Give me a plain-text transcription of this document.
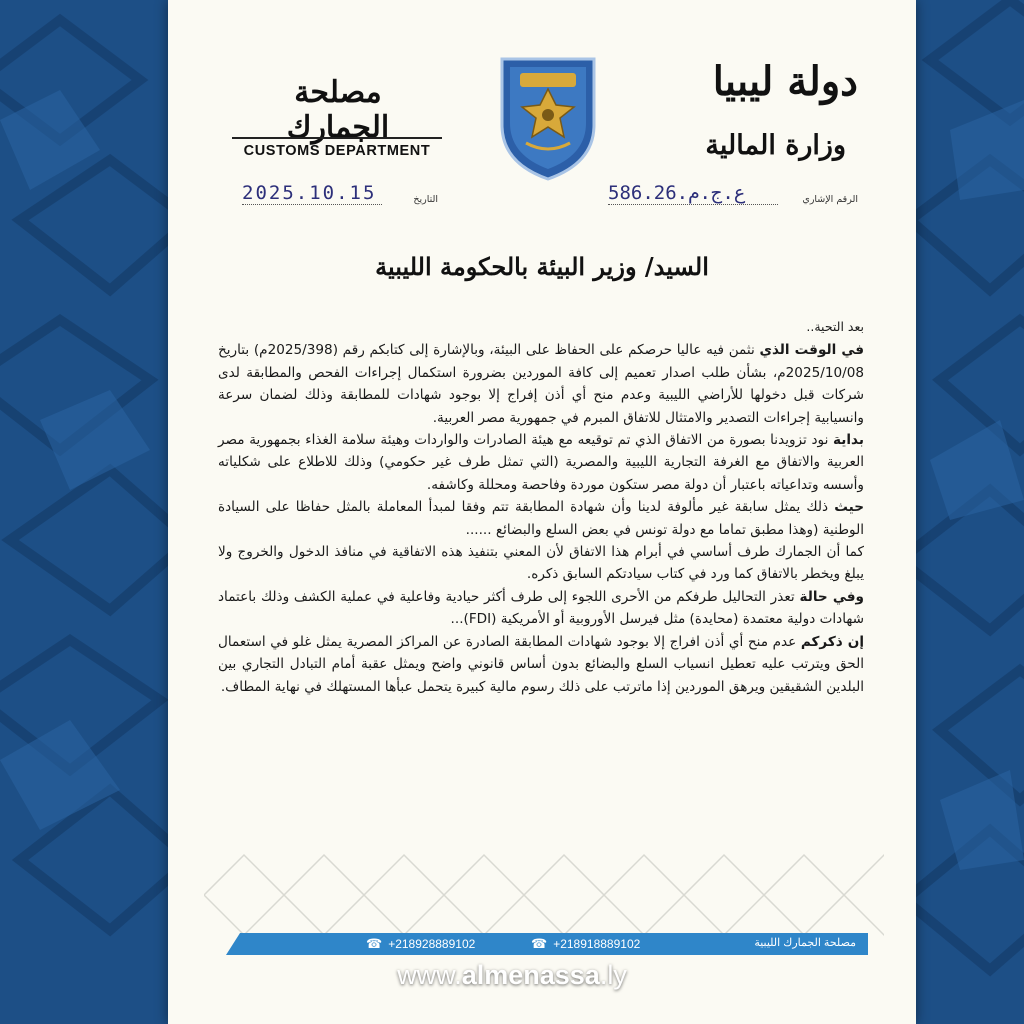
مصلحة الجمارك
CUSTOMS DEPARTMENT
دولة ليبيا
وزارة المالية
2025.10.15	التاريخ	586.26.ع.ج.م	الرقم الإشاري
السيد/ وزير البيئة بالحكومة الليبية

بعد التحية..

في الوقت الذي نثمن فيه عاليا حرصكم على الحفاظ على البيئة، وبالإشارة إلى كتابكم رقم (2025/398م) بتاريخ 2025/10/08م، بشأن طلب اصدار تعميم إلى كافة الموردين بضرورة استكمال إجراءات الفحص والمطابقة لدى شركات قبل دخولها للأراضي الليبية وعدم منح أي أذن إفراج إلا بوجود شهادات للمطابقة وذلك لضمان سرعة وانسيابية إجراءات التصدير والامتثال للاتفاق المبرم في جمهورية مصر العربية.

بداية نود تزويدنا بصورة من الاتفاق الذي تم توقيعه مع هيئة الصادرات والواردات وهيئة سلامة الغذاء بجمهورية مصر العربية والاتفاق مع الغرفة التجارية الليبية والمصرية (التي تمثل طرف غير حكومي) وذلك للاطلاع على شكلياته وأسسه وتداعياته باعتبار أن دولة مصر ستكون موردة وفاحصة ومحللة وكاشفه.

حيث ذلك يمثل سابقة غير مألوفة لدينا وأن شهادة المطابقة تتم وفقا لمبدأ المعاملة بالمثل حفاظا على السيادة الوطنية (وهذا مطبق تماما مع دولة تونس في بعض السلع والبضائع ......

كما أن الجمارك طرف أساسي في أبرام هذا الاتفاق لأن المعني بتنفيذ هذه الاتفاقية في منافذ الدخول والخروج ولا يبلغ ويخطر بالاتفاق كما ورد في كتاب سيادتكم السابق ذكره.

وفي حالة تعذر التحاليل طرفكم من الأحرى اللجوء إلى طرف أكثر حيادية وفاعلية في عملية الكشف وذلك باعتماد شهادات دولية معتمدة (محايدة) مثل فيرسل الأوروبية أو الأمريكية (FDI)...

إن ذكركم عدم منح أي أذن افراج إلا بوجود شهادات المطابقة الصادرة عن المراكز المصرية يمثل غلو في استعمال الحق ويترتب عليه تعطيل انسياب السلع والبضائع بدون أساس قانوني واضح ويمثل عقبة أمام التبادل التجاري بين البلدين الشقيقين ويرهق الموردين إذا ماترتب على ذلك رسوم مالية كبيرة يتحمل عبأها المستهلك في نهاية المطاف.

☎ +218928889102	☎ +218918889102	مصلحة الجمارك الليبية
www.almenassa.ly
